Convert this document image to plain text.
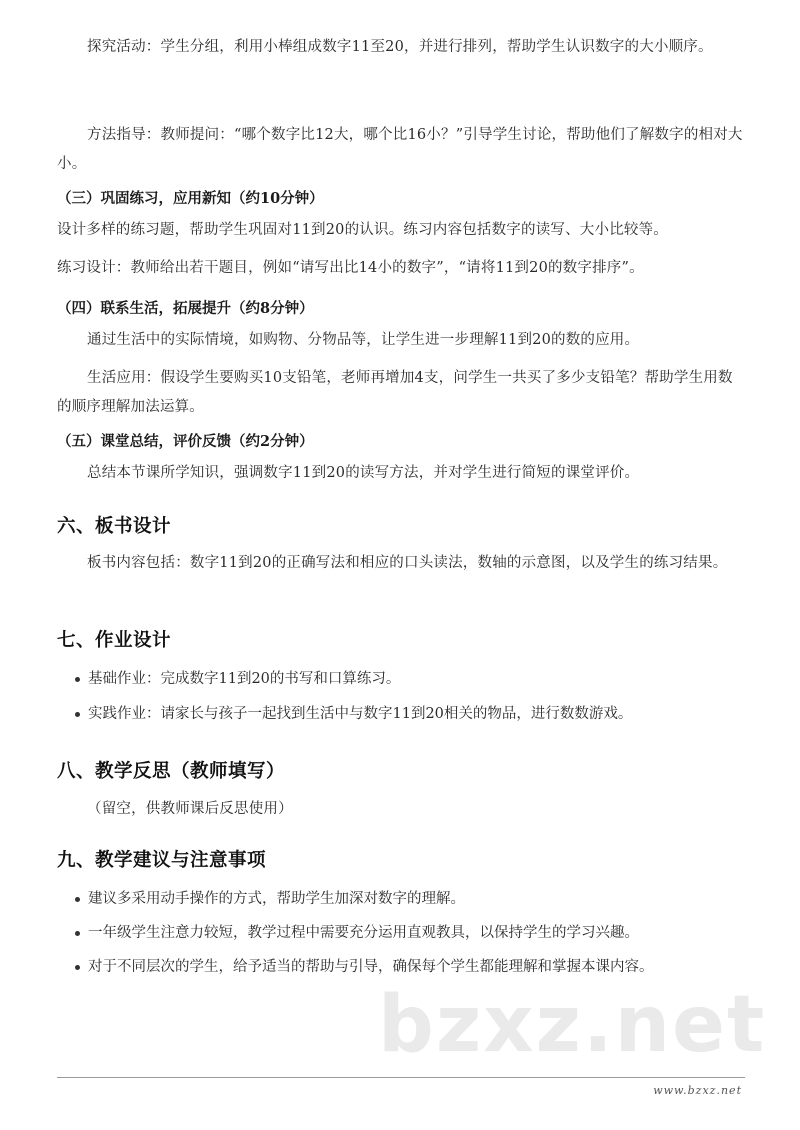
探究活动：学生分组，利用小棒组成数字11至20，并进行排列，帮助学生认识数字的大小顺序。

方法指导：教师提问：“哪个数字比12大，哪个比16小？”引导学生讨论，帮助他们了解数字的相对大小。

（三）巩固练习，应用新知（约10分钟）

设计多样的练习题，帮助学生巩固对11到20的认识。练习内容包括数字的读写、大小比较等。

练习设计：教师给出若干题目，例如“请写出比14小的数字”，“请将11到20的数字排序”。

（四）联系生活，拓展提升（约8分钟）

通过生活中的实际情境，如购物、分物品等，让学生进一步理解11到20的数的应用。

生活应用：假设学生要购买10支铅笔，老师再增加4支，问学生一共买了多少支铅笔？帮助学生用数的顺序理解加法运算。

（五）课堂总结，评价反馈（约2分钟）

总结本节课所学知识，强调数字11到20的读写方法，并对学生进行简短的课堂评价。

六、板书设计

板书内容包括：数字11到20的正确写法和相应的口头读法，数轴的示意图，以及学生的练习结果。

七、作业设计
基础作业：完成数字11到20的书写和口算练习。
实践作业：请家长与孩子一起找到生活中与数字11到20相关的物品，进行数数游戏。
八、教学反思（教师填写）

（留空，供教师课后反思使用）

九、教学建议与注意事项
建议多采用动手操作的方式，帮助学生加深对数字的理解。
一年级学生注意力较短，教学过程中需要充分运用直观教具，以保持学生的学习兴趣。
对于不同层次的学生，给予适当的帮助与引导，确保每个学生都能理解和掌握本课内容。
bzxz.net
www.bzxz.net
